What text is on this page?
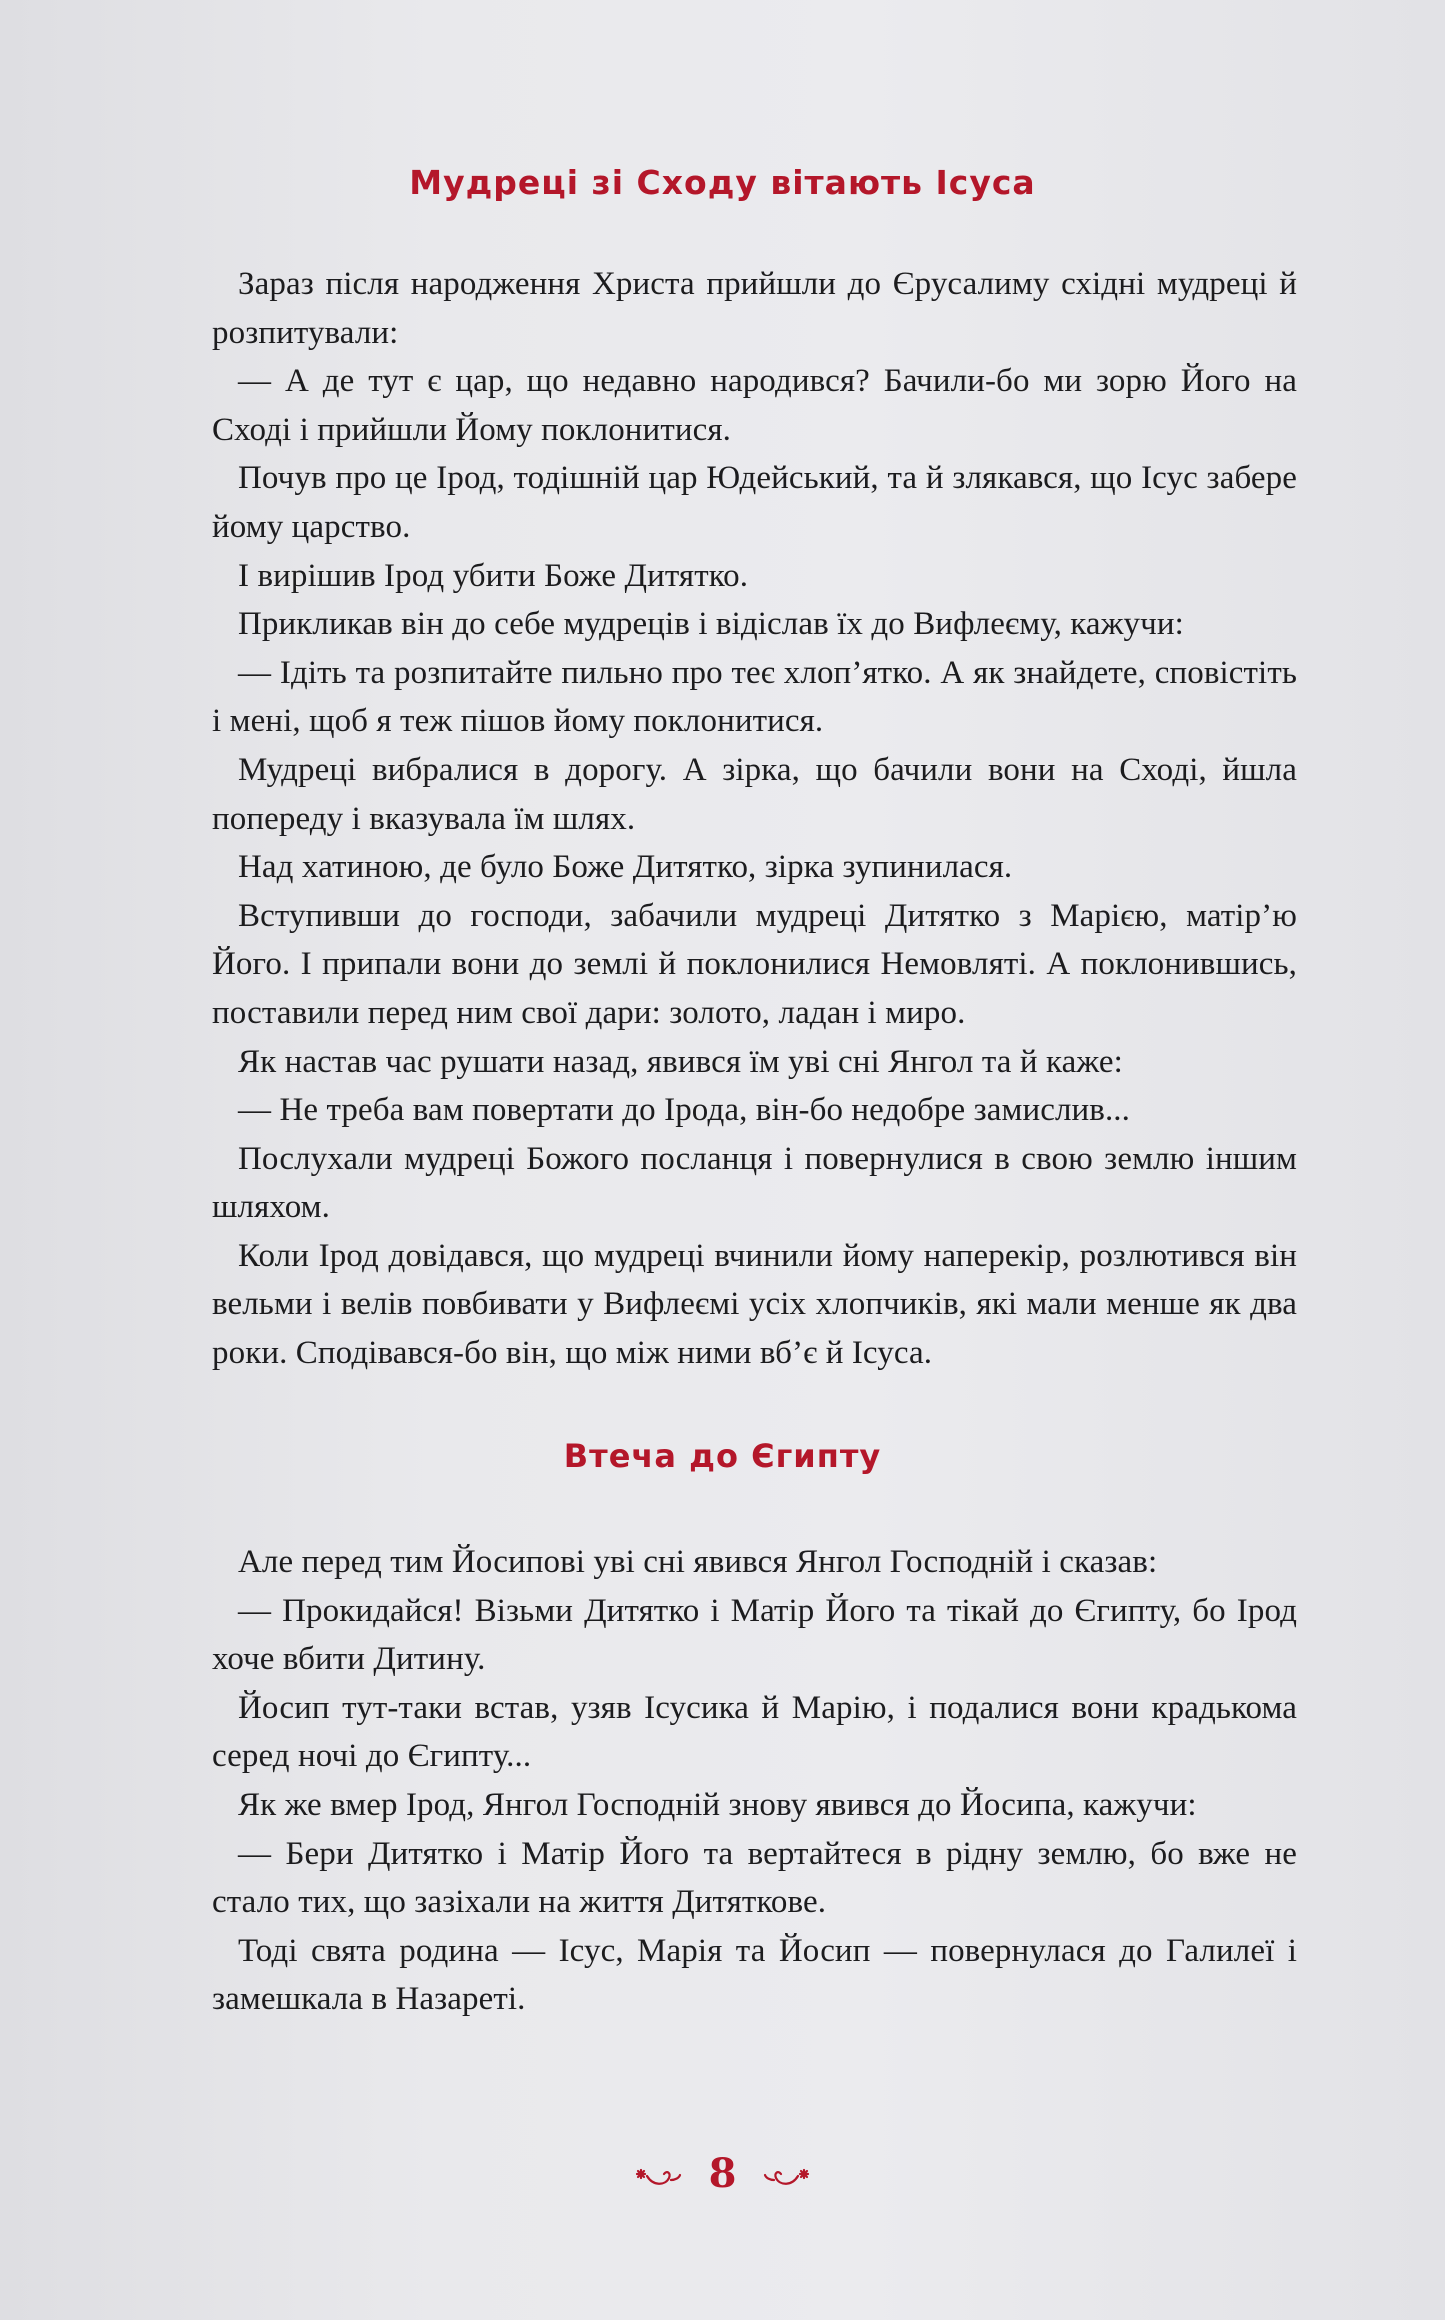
Мудреці зі Сходу вітають Ісуса

Зараз після народження Христа прийшли до Єрусалиму східні мудреці й розпитували:

— А де тут є цар, що недавно народився? Бачили-бо ми зорю Його на Сході і прийшли Йому поклонитися.

Почув про це Ірод, тодішній цар Юдейський, та й злякався, що Ісус забере йому царство.

І вирішив Ірод убити Боже Дитятко.

Прикликав він до себе мудреців і відіслав їх до Вифлеєму, кажучи:

— Ідіть та розпитайте пильно про теє хлоп’ятко. А як знайдете, сповістіть і мені, щоб я теж пішов йому поклонитися.

Мудреці вибралися в дорогу. А зірка, що бачили вони на Сході, йшла попереду і вказувала їм шлях.

Над хатиною, де було Боже Дитятко, зірка зупинилася.

Вступивши до господи, забачили мудреці Дитятко з Марією, матір’ю Його. І припали вони до землі й поклонилися Немовляті. А поклонившись, поставили перед ним свої дари: золото, ладан і миро.

Як настав час рушати назад, явився їм уві сні Янгол та й каже:

— Не треба вам повертати до Ірода, він-бо недобре замислив...

Послухали мудреці Божого посланця і повернулися в свою землю іншим шляхом.

Коли Ірод довідався, що мудреці вчинили йому наперекір, розлютився він вельми і велів повбивати у Вифлеємі усіх хлопчиків, які мали менше як два роки. Сподівався-бо він, що між ними вб’є й Ісуса.

Втеча до Єгипту

Але перед тим Йосипові уві сні явився Янгол Господній і сказав:

— Прокидайся! Візьми Дитятко і Матір Його та тікай до Єгипту, бо Ірод хоче вбити Дитину.

Йосип тут-таки встав, узяв Ісусика й Марію, і подалися вони крадькома серед ночі до Єгипту...

Як же вмер Ірод, Янгол Господній знову явився до Йосипа, кажучи:

— Бери Дитятко і Матір Його та вертайтеся в рідну землю, бо вже не стало тих, що зазіхали на життя Дитяткове.

Тоді свята родина — Ісус, Марія та Йосип — повернулася до Галилеї і замешкала в Назареті.

8
